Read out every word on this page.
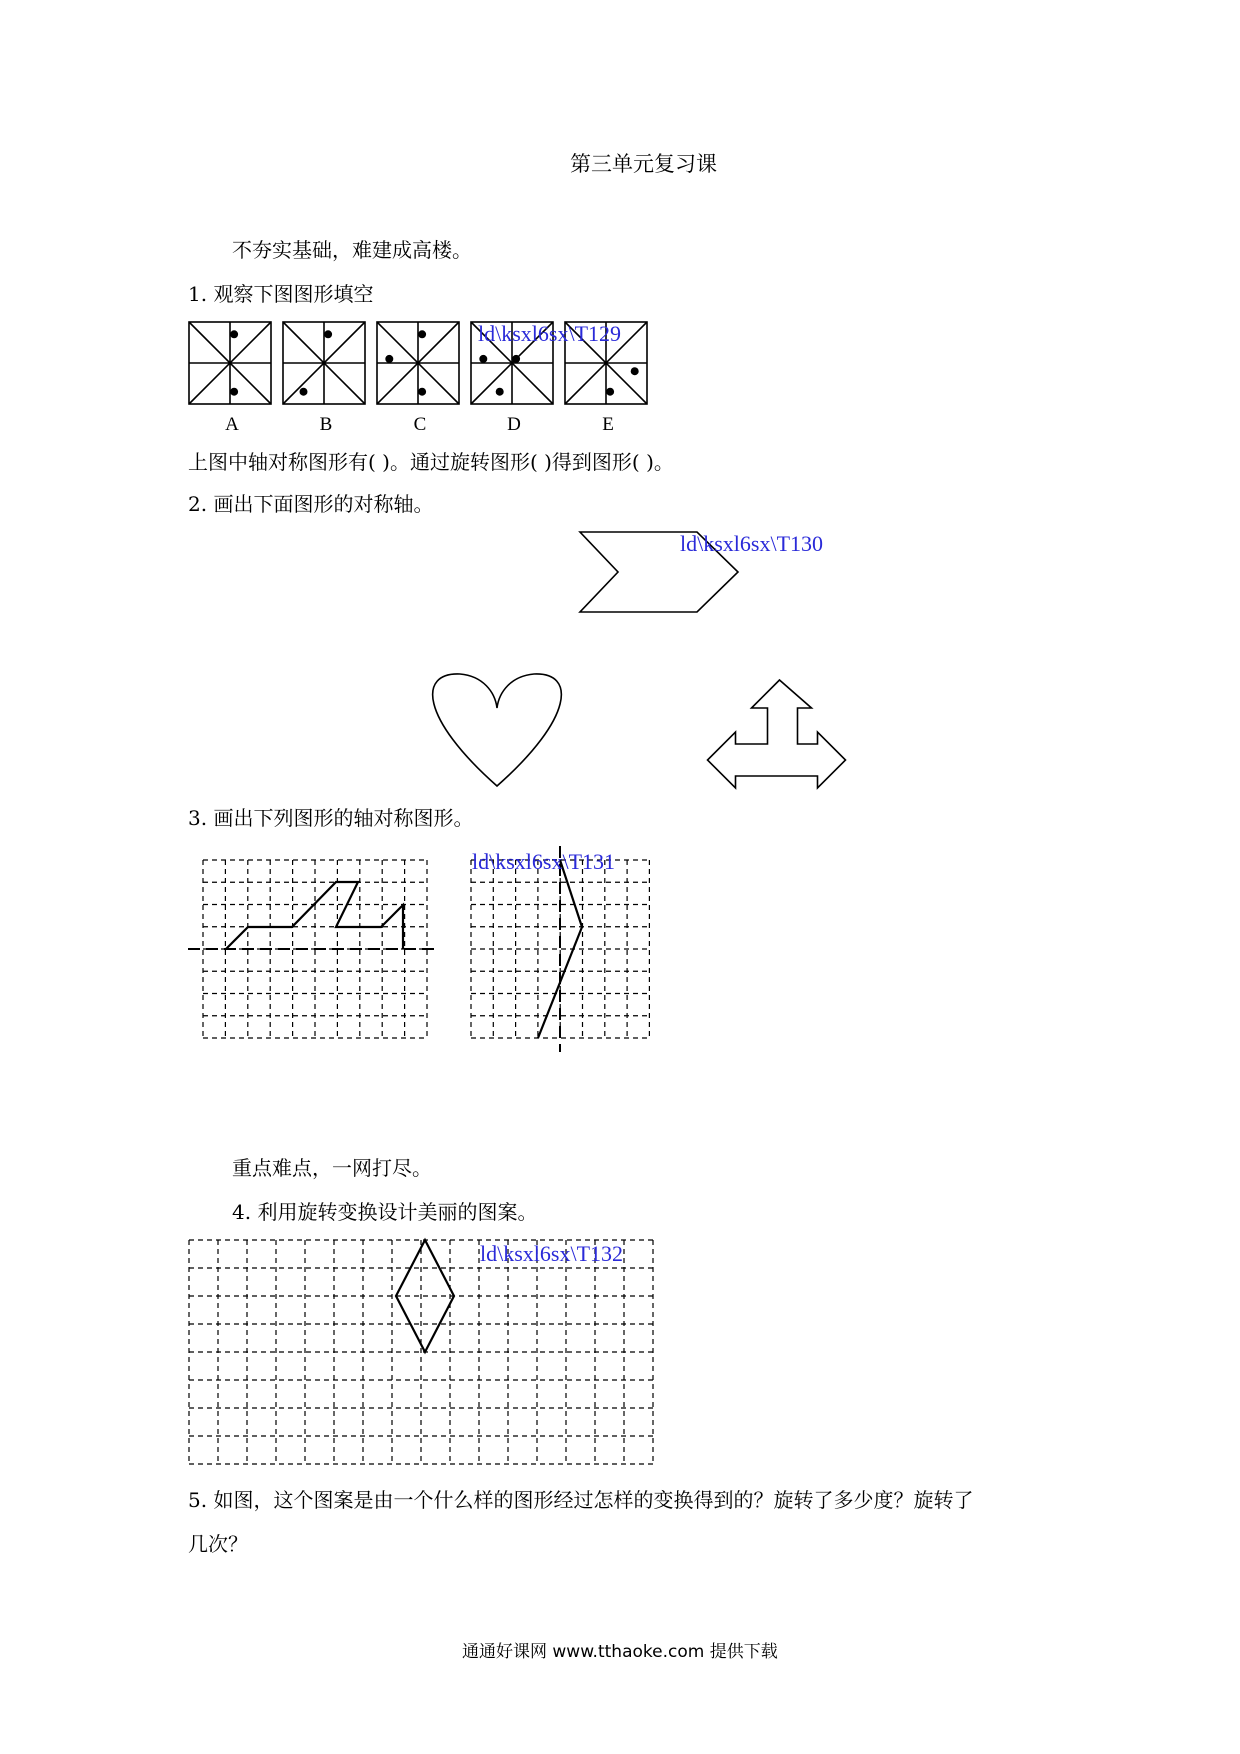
第三单元复习课
不夯实基础，难建成高楼。
1. 观察下图图形填空
ld\ksxl6sx\T129
A	B	C	D	E
上图中轴对称图形有( )。通过旋转图形( )得到图形( )。
2. 画出下面图形的对称轴。
ld\ksxl6sx\T130
3. 画出下列图形的轴对称图形。
ld\ksxl6sx\T131
重点难点，一网打尽。
4. 利用旋转变换设计美丽的图案。
ld\ksxl6sx\T132
5. 如图，这个图案是由一个什么样的图形经过怎样的变换得到的？旋转了多少度？旋转了
几次？
通通好课网 www.tthaoke.com 提供下载
